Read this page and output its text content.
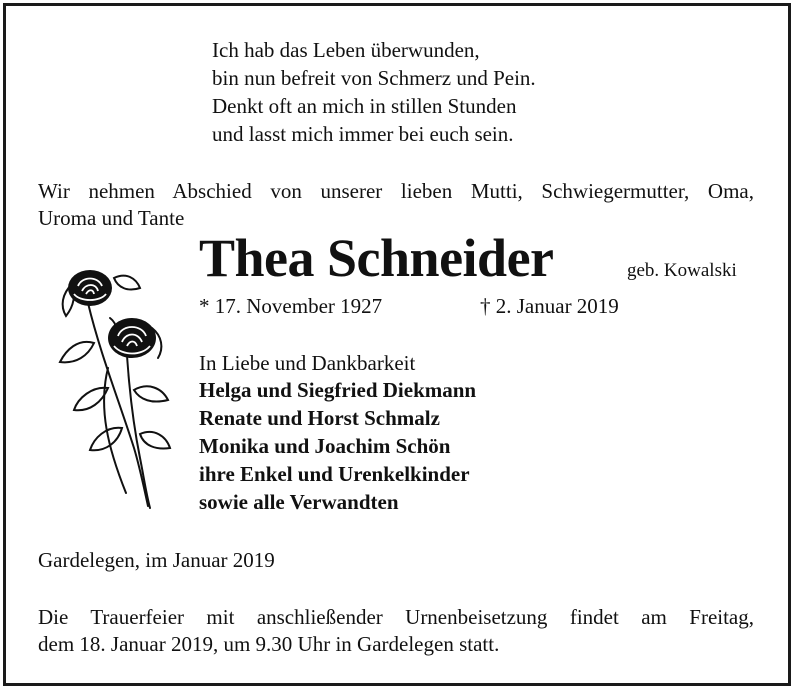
Ich hab das Leben überwunden,
bin nun befreit von Schmerz und Pein.
Denkt oft an mich in stillen Stunden
und lasst mich immer bei euch sein.
Wir nehmen Abschied von unserer lieben Mutti, Schwiegermutter, Oma,
Uroma und Tante
Thea Schneider	geb. Kowalski
* 17. November 1927	† 2. Januar 2019
In Liebe und Dankbarkeit
Helga und Siegfried Diekmann
Renate und Horst Schmalz
Monika und Joachim Schön
ihre Enkel und Urenkelkinder
sowie alle Verwandten
Gardelegen, im Januar 2019
Die Trauerfeier mit anschließender Urnenbeisetzung findet am Freitag,
dem 18. Januar 2019, um 9.30 Uhr in Gardelegen statt.
